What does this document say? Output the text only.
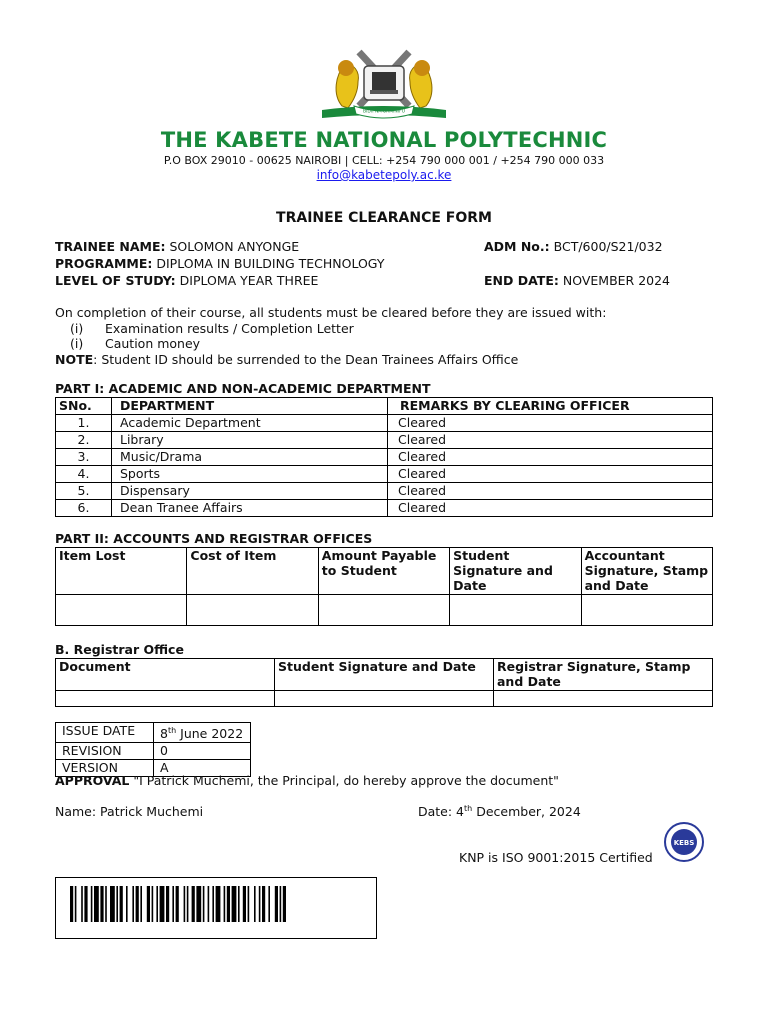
BIDII NA UAMINIFU
THE KABETE NATIONAL POLYTECHNIC
P.O BOX 29010 - 00625 NAIROBI | CELL: +254 790 000 001 / +254 790 000 033
info@kabetepoly.ac.ke
TRAINEE CLEARANCE FORM
TRAINEE NAME: SOLOMON ANYONGE	ADM No.: BCT/600/S21/032
PROGRAMME: DIPLOMA IN BUILDING TECHNOLOGY
LEVEL OF STUDY: DIPLOMA YEAR THREE	END DATE: NOVEMBER 2024
On completion of their course, all students must be cleared before they are issued with:
(i) Examination results / Completion Letter
(i) Caution money
NOTE: Student ID should be surrended to the Dean Trainees Affairs Office
PART I: ACADEMIC AND NON-ACADEMIC DEPARTMENT
SNo.	DEPARTMENT	REMARKS BY CLEARING OFFICER
1.	Academic Department	Cleared
2.	Library	Cleared
3.	Music/Drama	Cleared
4.	Sports	Cleared
5.	Dispensary	Cleared
6.	Dean Tranee Affairs	Cleared
PART II: ACCOUNTS AND REGISTRAR OFFICES
Item Lost	Cost of Item	Amount Payable to Student	Student Signature and Date	Accountant Signature, Stamp and Date

B. Registrar Office
Document	Student Signature and Date	Registrar Signature, Stamp and Date

ISSUE DATE	8th June 2022
REVISION	0
VERSION	A
APPROVAL "I Patrick Muchemi, the Principal, do hereby approve the document"
Name: Patrick Muchemi	Date: 4th December, 2024
KEBS
KNP is ISO 9001:2015 Certified
